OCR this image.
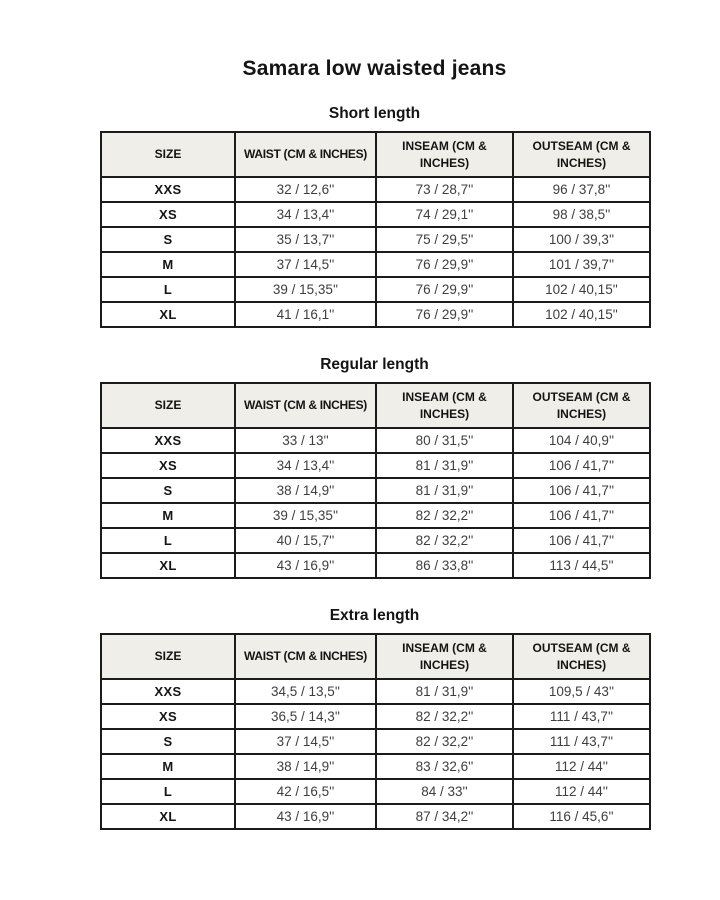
Samara low waisted jeans
Short length
SIZE	WAIST (CM & INCHES)	INSEAM (CM & INCHES)	OUTSEAM (CM & INCHES)
XXS	32 / 12,6''	73 / 28,7''	96 / 37,8''
XS	34 / 13,4''	74 / 29,1''	98 / 38,5''
S	35 / 13,7''	75 / 29,5''	100 / 39,3''
M	37 / 14,5''	76 / 29,9''	101 / 39,7''
L	39 / 15,35''	76 / 29,9''	102 / 40,15''
XL	41 / 16,1''	76 / 29,9''	102 / 40,15''
Regular length
SIZE	WAIST (CM & INCHES)	INSEAM (CM & INCHES)	OUTSEAM (CM & INCHES)
XXS	33 / 13''	80 / 31,5''	104 / 40,9''
XS	34 / 13,4''	81 / 31,9''	106 / 41,7''
S	38 / 14,9''	81 / 31,9''	106 / 41,7''
M	39 / 15,35''	82 / 32,2''	106 / 41,7''
L	40 / 15,7''	82 / 32,2''	106 / 41,7''
XL	43 / 16,9''	86 / 33,8''	113 / 44,5''
Extra length
SIZE	WAIST (CM & INCHES)	INSEAM (CM & INCHES)	OUTSEAM (CM & INCHES)
XXS	34,5 / 13,5''	81 / 31,9''	109,5 / 43''
XS	36,5 / 14,3''	82 / 32,2''	111 / 43,7''
S	37 / 14,5''	82 / 32,2''	111 / 43,7''
M	38 / 14,9''	83 / 32,6''	112 / 44''
L	42 / 16,5''	84 / 33''	112 / 44''
XL	43 / 16,9''	87 / 34,2''	116 / 45,6''
